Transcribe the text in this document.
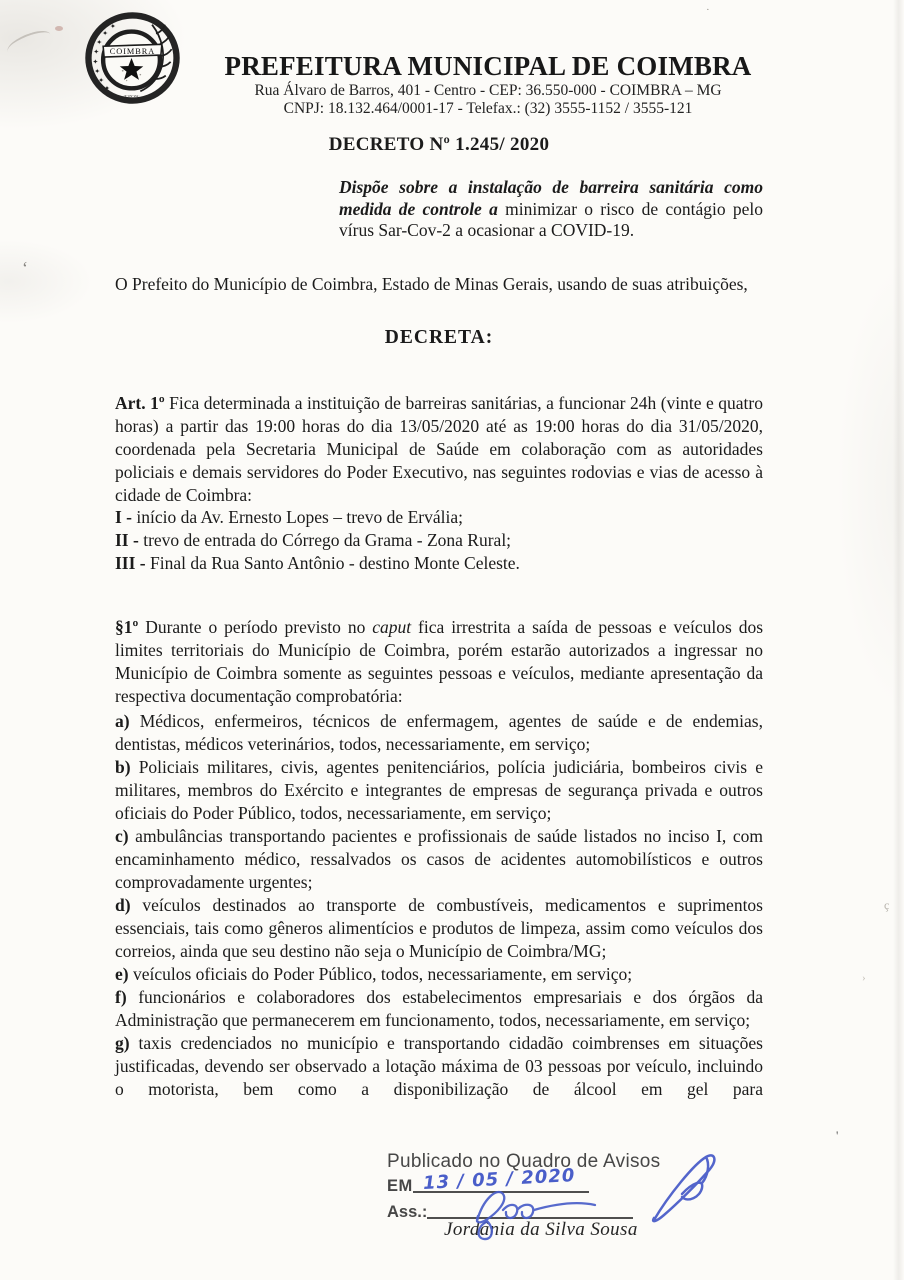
✦
✦
✦
✦
✦
✦
✦
✦
COIMBRA
·ᴛ·ᴏᴠ·ᴢᴀ·
PREFEITURA MUNICIPAL DE COIMBRA
Rua Álvaro de Barros, 401 - Centro - CEP: 36.550-000 - COIMBRA – MG
CNPJ: 18.132.464/0001-17 - Telefax.: (32) 3555-1152 / 3555-121
DECRETO Nº 1.245/ 2020
Dispõe sobre a instalação de barreira sanitária como medida de controle a minimizar o risco de contágio pelo vírus Sar-Cov-2 a ocasionar a COVID-19.

O Prefeito do Município de Coimbra, Estado de Minas Gerais, usando de suas atribuições,

DECRETA:

Art. 1º Fica determinada a instituição de barreiras sanitárias, a funcionar 24h (vinte e quatro horas) a partir das 19:00 horas do dia 13/05/2020 até as 19:00 horas do dia 31/05/2020, coordenada pela Secretaria Municipal de Saúde em colaboração com as autoridades policiais e demais servidores do Poder Executivo, nas seguintes rodovias e vias de acesso à cidade de Coimbra:

I - início da Av. Ernesto Lopes – trevo de Ervália;
II - trevo de entrada do Córrego da Grama - Zona Rural;
III - Final da Rua Santo Antônio - destino Monte Celeste.

§1º Durante o período previsto no caput fica irrestrita a saída de pessoas e veículos dos limites territoriais do Município de Coimbra, porém estarão autorizados a ingressar no Município de Coimbra somente as seguintes pessoas e veículos, mediante apresentação da respectiva documentação comprobatória:

a) Médicos, enfermeiros, técnicos de enfermagem, agentes de saúde e de endemias, dentistas, médicos veterinários, todos, necessariamente, em serviço;

b) Policiais militares, civis, agentes penitenciários, polícia judiciária, bombeiros civis e militares, membros do Exército e integrantes de empresas de segurança privada e outros oficiais do Poder Público, todos, necessariamente, em serviço;

c) ambulâncias transportando pacientes e profissionais de saúde listados no inciso I, com encaminhamento médico, ressalvados os casos de acidentes automobilísticos e outros comprovadamente urgentes;

d) veículos destinados ao transporte de combustíveis, medicamentos e suprimentos essenciais, tais como gêneros alimentícios e produtos de limpeza, assim como veículos dos correios, ainda que seu destino não seja o Município de Coimbra/MG;

e) veículos oficiais do Poder Público, todos, necessariamente, em serviço;

f) funcionários e colaboradores dos estabelecimentos empresariais e dos órgãos da Administração que permanecerem em funcionamento, todos, necessariamente, em serviço;

g) taxis credenciados no município e transportando cidadão coimbrenses em situações justificadas, devendo ser observado a lotação máxima de 03 pessoas por veículo, incluindo o motorista, bem como a disponibilização de álcool em gel para

Publicado no Quadro de Avisos
EM 13 / 05 / 2020
Ass.:
Jordânia da Silva Sousa
‘
'
ç
·
›
